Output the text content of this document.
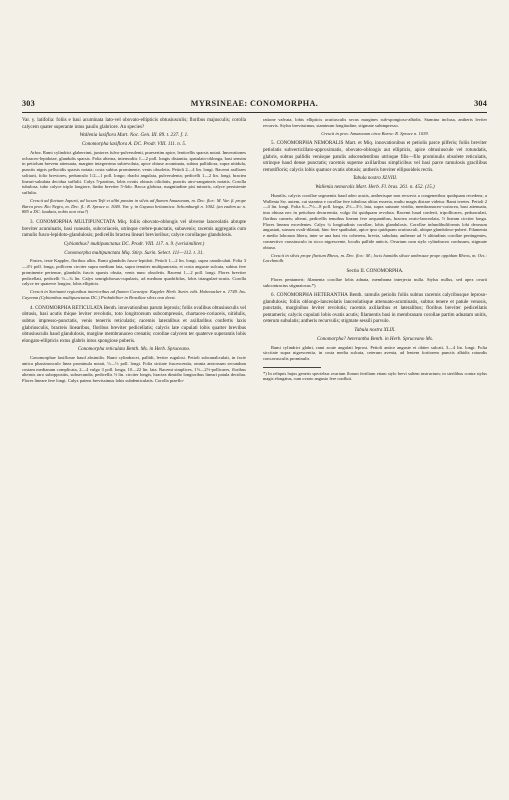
303	MYRSINEAE: CONOMORPHA.	304

Var. γ. latifolia: foliis e basi acuminata lato-vel obovato-ellipticis obtusiusculis; floribus majusculis; corolla calycem quater superante intus pauilo glabriore. An species?

Wallenia laxiflora Mart. Noc. Gen. III. 89. t. 237. f. 1.

Conomorpha laxiflora A. DC. Prodr. VIII. 111. n. 5.

Arbor. Rami cylindrici glaberrimi, juniores fulvo-pulverulenti, praesertim apice, lenticellis sparsis notati. Innovationes ochraceo-lepidotae, glandulis sparsis. Folia alterna, internodiis 1—2 poll. longis distantia, spatulato-oblonga, basi sensim in petiolum brevem attenuata, margine integerrima subrevoluta, apice obtuse acuminata, subtus pallidiora, supra nitidula, punctis nigris pellucidis sparsis notata; costa subtus prominente, venis obsoletis. Petioli 2—4 lin. longi. Racemi axillares solitarii, folio breviores, pedunculo 1/2—1 poll. longo; rhachi angulata, pulverulenta; pedicelli 1—2 lin. longi, bractea lineari-subulata decidua suffulti. Calyx 5-partitus, lobis ovatis obtusis ciliolatis, punctis atro-sanguineis notatis. Corolla tubulosa, tubo calyce triplo longiore, limbo breviter 5-fido. Bacca globosa, magnitudine pisi minoris, calyce persistente suffulta.

Crescit ad fluvium Japurá, ad locum Tefé et alibi passim in silvis ad flumen Amazonum, m. Dec. flor.: M. Var. β. prope Barra prov. Rio Negro, m. Dec. fl.: R. Spruce n. 1040. Var. γ. in Guyana britannica: Schomburgk n. 1002. (an eadem ac n. 885 a DC. laudata, nobis non visa?)

3. CONOMORPHA MULTIPUNCTATA Miq. foliis obovato-oblongis vel obverse lanceolatis abrupte breviter acuminatis, basi cuneatis, subcoriaceis, utrinque crebre-punctatis, subavenis; racemis aggregatis cum ramulis fusco-lepidoto-glandulosis; pedicellis bractea lineari brevioribus; calyce corollaque glandulosis.

Cybianthus? multipunctatus DC. Prodr. VIII. 117. n. 9. (verisimiliter.)

Conomorpha multipunctata Miq. Stirp. Surin. Select. 111—112. t. 31.

Frutex, teste Kappler, floribus albis. Rami glandulis fusco-lepidoti. Petioli 1—2 lin. longi, supra canaliculati. Folia 3—4½ poll. longa, pollicem circiter supra medium lata, supra tenuiter multipunctata, et costa anguste sulcata, subtus fere prominente pertenue, glandulis fuscis sparsis obsita, venis nunc obsoletis. Racemi 1—2 poll. longi. Flores breviter pedicellati, pedicelli ½—¾ lin. Calyx semiglobosus-cupularis, ad medium quadrifidus, lobis triangulari-acutis. Corolla calyce ter quaterve longior, lobis ellipticis.

Crescit in Surinami regionibus interioribus ad flumen Corantyn: Kappler Herb. Surin. edit. Hohenacker n. 1749. Ins. Cayenna (Cybianthus multipunctatus DC.) Probabiliter in Brasiliae silvis non deest.

4. CONOMORPHA RETICULATA Benth. innovationibus parum leprosis; foliis ovalibus obtusiusculis vel obtusis, basi acutis thique leviter revolutis, toto longitrorsum subcompressis, chartaceo-coriaceis, nitidulis, subtus impresso-punctatis, venis tenerris reticulatis; racemis lateralibus et axillaribus confertis laxis glabriusculis, bracteis linearibus, floribus breviter pedicellatis; calycis late cupulati lobis quarter brevibus obtusiusculis haud glandulosis, margine membranaceo crenatis; corollae calycem ter quaterve superantis lobis elongato-ellipticis extus glabris intus spongiose puberis.

Conomorpha reticulata Benth. Ms. in Herb. Spruceano.

Conomorphae laxiflorae haud absimilis. Rami cylindracei, pallidi, leviter rugulosi. Petioli subcanaliculati, in facie antica plussimosculo linea prominula notati, ½—⅓ poll. longi. Folia sicitate fuscescentia, omnia antrorsum secundum costam medianam complicata, 2—4 vulgo 3 poll. longa, 10—22 lin. lata. Racemi simplices, 1½—2½-pollicares, floribus alternis raro suboppositis, subsecundis, pedicellis ½ lin. circiter longis, bractea dimidio longioribus lineari patula decidua. Flores lineare fere longi. Calyx patens brevissimus lobis subdenticulatis. Corolla praeflo-

ratione valvata, lobis ellipticis acutiusculis secus margines sub-spongioso-albidis. Stamina inclusa, antheris leviter recurvis. Stylus brevissimus, staminum longitudine, stigmate subimpresso.

Crescit in prov. Amazonum circa Barra: R. Spruce n. 1039.

5. CONOMORPHA NEMORALIS Mart. et Miq. innovationibus et petiolis parce pilferis; foliis breviter petiolatis subverticillato-approximatis, obovato-oblongis aut ellipticis, apice obtusiuscule vel rotundatis, glabris, subtus pallidis venisque patulis adscendentibus utrinque filis—filo prominulis obsolete reticulatis, utrinque haud dense punctatis; racemis superne axillaribus simplicibus vel basi parce ramulosis gracilibus remotifloris; calycis lobis quatuor ovatis obtusis; antheris breviter ellipsoideis rectis.

Tabula nostra XLVIII.

Wallenia nemoralis Mart. Herb. Fl. bras. 261. n. 452. (15.)

Humilis, calycis corollae segmentis haud adeo acutis, antherisque non recurvis a congeneribus quidquam recedens; a Wallenia Sw. autem, cui stamina e corollae fere tubulosa altius exserta, multo magis distare videtur. Rami teretes. Petioli 2—4 lin. longi. Folia 6—7½—8 poll. longa, 2½—3½, lata, supra saturate viridia, membranaceo-coriacea, basi attenuata, ima obtusa nec in petiolum decurrentia, vulgo ibi quidquam revoluta. Racemi haud conferti, tripollicares, pedunculati, floribus carneis; alterni, pedicellis tenuibus lineam fere aequantibus, bractea ovato-lanceolata, ½ lineam circiter longa. Flores lineam excedentes. Calyx ¼ longitudinis corollae, lobis glandulosis. Corollae infundibuliformis lobi deorsum angustati, sursum ovali-dilatati, hinc fere spathulati, apice ipso quidquam acutiusculi, ubique glanduloso-puberi. Filamenta e medio loborum libera, inter se una basi vix coherens, brevia, subulata; antherae ad ½ altitudinis corollae pertingentes, connectivo crassiusculo in sicco nigrescente, loculis pallide anticis. Ovarium cum stylo cylindraceo confusum, stigmate obtuso.

Crescit in silvis prope fluvium Rheos, m. Dec. flor.: M.; locis humidis silvae umbrosae prope oppidum Rheos, m. Oct.: Lacchmolh.

Sectio II. CONOMORPHA.

Flores pentameri; filamenta corollae lobis adnata, membrana interjecta nulla. Stylus nullus, sed apex ovarii subcontractus stigmatosus.*)

6. CONOMORPHA HETERANTHA Benth. ramulis petiolis foliis subtus racemis calycibusque leproso-glandulosis; foliis oblongo-lanceolatis lanceolatisque attenuato-acuminatis, subtus tenere et patule venosis, punctatis, marginibus leviter revolutis; racemis axillaribus et lateralibus; floribus breviter pedicellatis pentameris; calycis cupulati lobis ovatis acutis; filamentis basi in membranam corollae partim adnatam unitis, ceterum subulatis; antheris recurvulis; stigmate sessili parvulo.

Tabula nostra XLIX.

Conomorpha? heterantha Benth. in Herb. Spruceano Ms.

Rami cylindrici glabri, rami acute angulati leprosi. Petioli antice anguste et obiter sulcati, 3—4 lin. longi. Folia siccitate supra nigrescentia, in costa media sulcata, ceterum avenia, ad lentem fortiorem punctis albidis rotundis concavusculis prominulis

*) In reliquis hujus generis speciebus ovarium florum fertilium etiam stylo brevi saltem instructum; in sterilibus contra stylus magis elongatus, cum ovario angusto fere confluit.
